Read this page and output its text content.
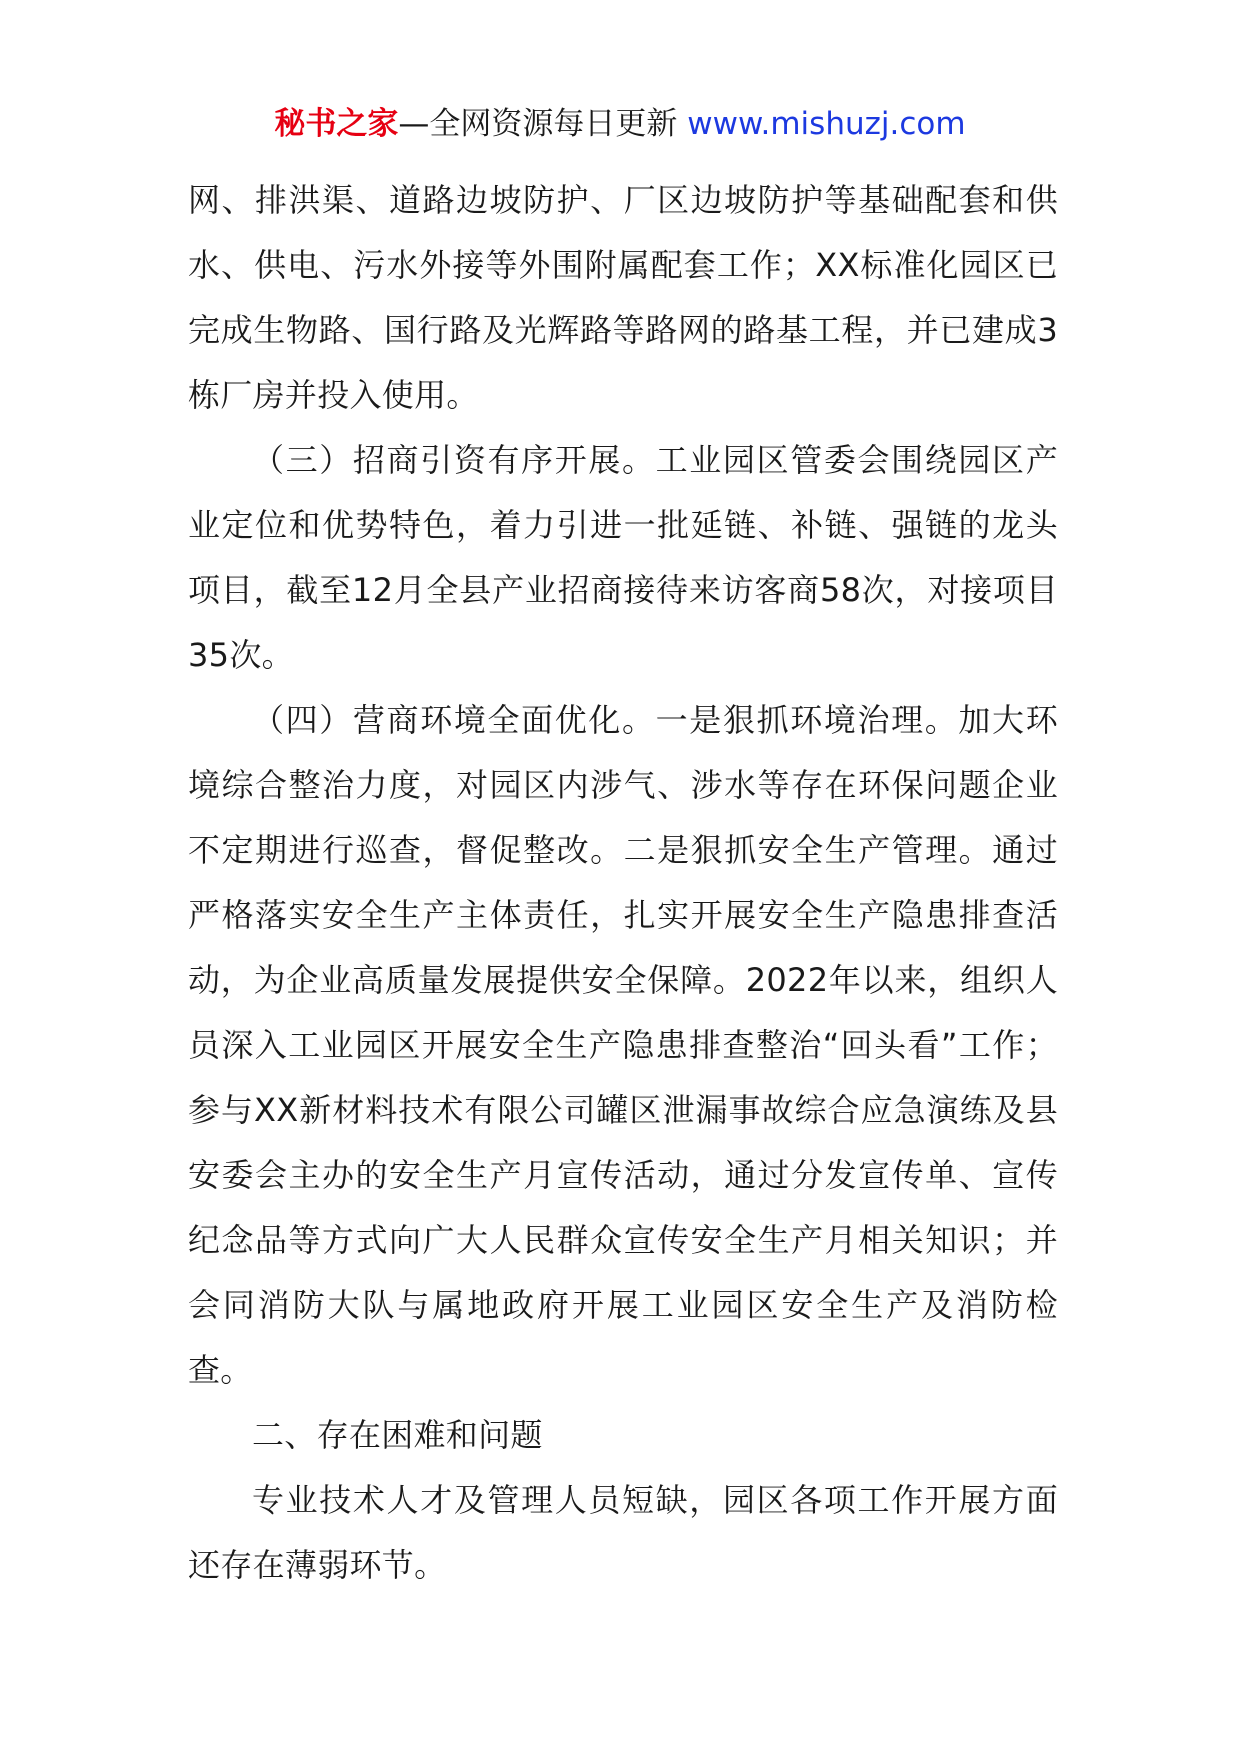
秘书之家—全网资源每日更新 www.mishuzj.com

网、排洪渠、道路边坡防护、厂区边坡防护等基础配套和供水、供电、污水外接等外围附属配套工作；XX标准化园区已完成生物路、国行路及光辉路等路网的路基工程，并已建成3栋厂房并投入使用。

（三）招商引资有序开展。工业园区管委会围绕园区产业定位和优势特色，着力引进一批延链、补链、强链的龙头项目，截至12月全县产业招商接待来访客商58次，对接项目35次。

（四）营商环境全面优化。一是狠抓环境治理。加大环境综合整治力度，对园区内涉气、涉水等存在环保问题企业不定期进行巡查，督促整改。二是狠抓安全生产管理。通过严格落实安全生产主体责任，扎实开展安全生产隐患排查活动，为企业高质量发展提供安全保障。2022年以来，组织人员深入工业园区开展安全生产隐患排查整治“回头看”工作；参与XX新材料技术有限公司罐区泄漏事故综合应急演练及县安委会主办的安全生产月宣传活动，通过分发宣传单、宣传纪念品等方式向广大人民群众宣传安全生产月相关知识；并会同消防大队与属地政府开展工业园区安全生产及消防检查。

二、存在困难和问题

专业技术人才及管理人员短缺，园区各项工作开展方面还存在薄弱环节。
